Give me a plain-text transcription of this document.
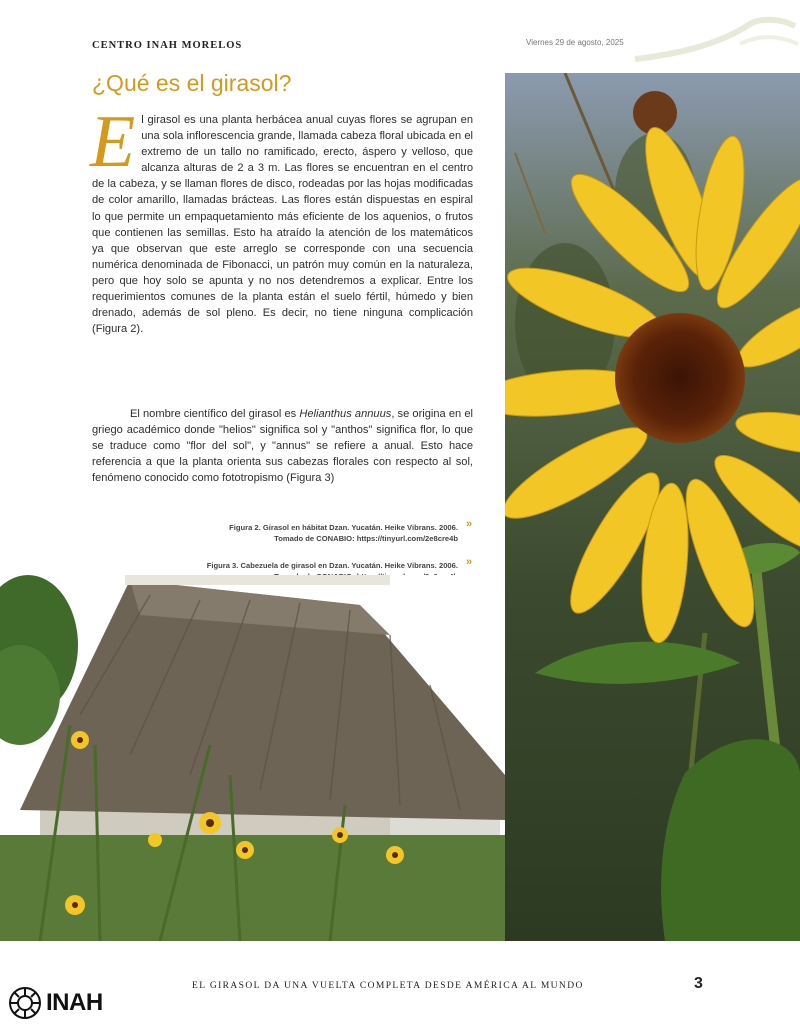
CENTRO INAH MORELOS	Viernes 29 de agosto, 2025
¿Qué es el girasol?
El girasol es una planta herbácea anual cuyas flores se agrupan en una sola inflorescencia grande, llamada cabeza floral ubicada en el extremo de un tallo no ramificado, erecto, áspero y velloso, que alcanza alturas de 2 a 3 m. Las flores se encuentran en el centro de la cabeza, y se llaman flores de disco, rodeadas por las hojas modificadas de color amarillo, llamadas brácteas. Las flores están dispuestas en espiral lo que permite un empaquetamiento más eficiente de los aquenios, o frutos que contienen las semillas. Esto ha atraído la atención de los matemáticos ya que observan que este arreglo se corresponde con una secuencia numérica denominada de Fibonacci, un patrón muy común en la naturaleza, pero que hoy solo se apunta y no nos detendremos a explicar. Entre los requerimientos comunes de la planta están el suelo fértil, húmedo y bien drenado, además de sol pleno. Es decir, no tiene ninguna complicación (Figura 2).
El nombre científico del girasol es Helianthus annuus, se origina en el griego académico donde "helios" significa sol y "anthos" significa flor, lo que se traduce como "flor del sol", y "annus" se refiere a anual. Esto hace referencia a que la planta orienta sus cabezas florales con respecto al sol, fenómeno conocido como fototropismo (Figura 3)
Figura 2. Girasol en hábitat Dzan. Yucatán. Heike Vibrans. 2006.
Tomado de CONABIO: https://tinyurl.com/2e8cre4b
»
Figura 3. Cabezuela de girasol en Dzan. Yucatán. Heike Vibrans. 2006. »
INAH
EL GIRASOL DA UNA VUELTA COMPLETA DESDE AMÉRICA AL MUNDO	3
